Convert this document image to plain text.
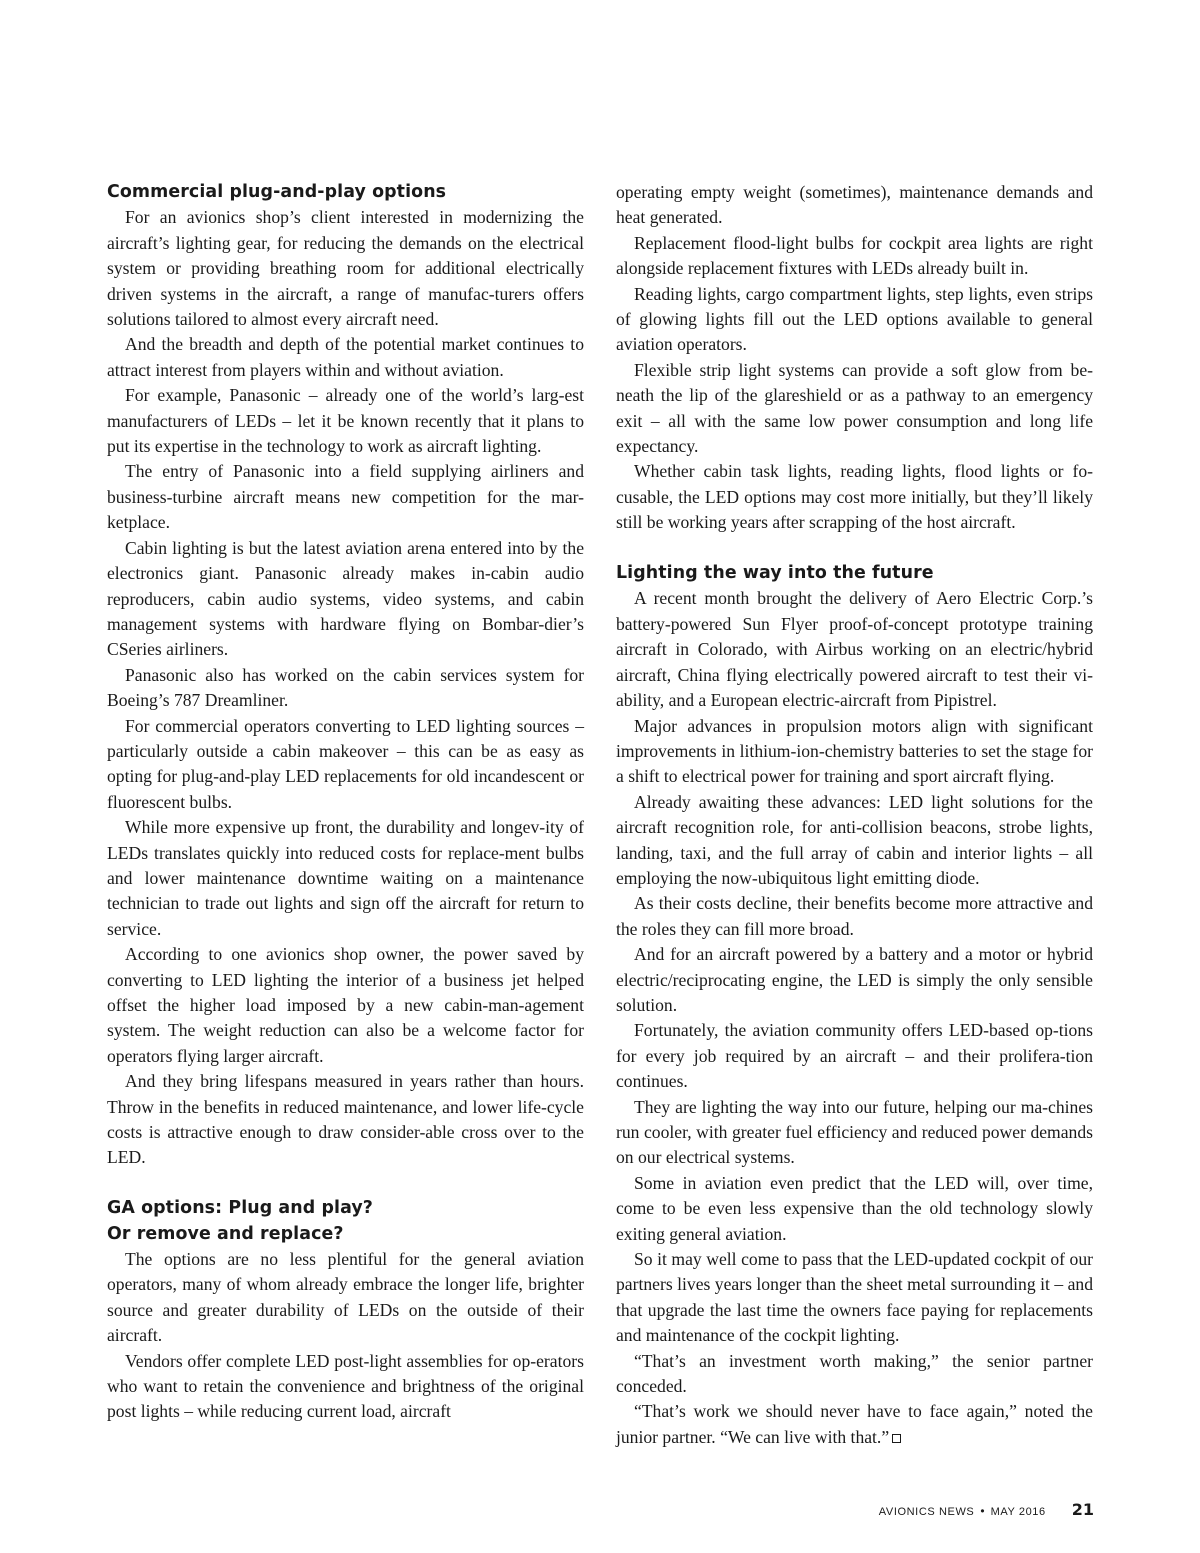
Commercial plug-and-play options

For an avionics shop’s client interested in modernizing the aircraft’s lighting gear, for reducing the demands on the electrical system or providing breathing room for additional electrically driven systems in the aircraft, a range of manufac-turers offers solutions tailored to almost every aircraft need.

And the breadth and depth of the potential market continues to attract interest from players within and without aviation.

For example, Panasonic – already one of the world’s larg-est manufacturers of LEDs – let it be known recently that it plans to put its expertise in the technology to work as aircraft lighting.

The entry of Panasonic into a field supplying airliners and business-turbine aircraft means new competition for the mar-ketplace.

Cabin lighting is but the latest aviation arena entered into by the electronics giant. Panasonic already makes in-cabin audio reproducers, cabin audio systems, video systems, and cabin management systems with hardware flying on Bombar-dier’s CSeries airliners.

Panasonic also has worked on the cabin services system for Boeing’s 787 Dreamliner.

For commercial operators converting to LED lighting sources – particularly outside a cabin makeover – this can be as easy as opting for plug-and-play LED replacements for old incandescent or fluorescent bulbs.

While more expensive up front, the durability and longev-ity of LEDs translates quickly into reduced costs for replace-ment bulbs and lower maintenance downtime waiting on a maintenance technician to trade out lights and sign off the aircraft for return to service.

According to one avionics shop owner, the power saved by converting to LED lighting the interior of a business jet helped offset the higher load imposed by a new cabin-man-agement system. The weight reduction can also be a welcome factor for operators flying larger aircraft.

And they bring lifespans measured in years rather than hours. Throw in the benefits in reduced maintenance, and lower life-cycle costs is attractive enough to draw consider-able cross over to the LED.

GA options: Plug and play?
Or remove and replace?

The options are no less plentiful for the general aviation operators, many of whom already embrace the longer life, brighter source and greater durability of LEDs on the outside of their aircraft.

Vendors offer complete LED post-light assemblies for op-erators who want to retain the convenience and brightness of the original post lights – while reducing current load, aircraft

operating empty weight (sometimes), maintenance demands and heat generated.

Replacement flood-light bulbs for cockpit area lights are right alongside replacement fixtures with LEDs already built in.

Reading lights, cargo compartment lights, step lights, even strips of glowing lights fill out the LED options available to general aviation operators.

Flexible strip light systems can provide a soft glow from be-neath the lip of the glareshield or as a pathway to an emergency exit – all with the same low power consumption and long life expectancy.

Whether cabin task lights, reading lights, flood lights or fo-cusable, the LED options may cost more initially, but they’ll likely still be working years after scrapping of the host aircraft.

Lighting the way into the future

A recent month brought the delivery of Aero Electric Corp.’s battery-powered Sun Flyer proof-of-concept prototype training aircraft in Colorado, with Airbus working on an electric/hybrid aircraft, China flying electrically powered aircraft to test their vi-ability, and a European electric-aircraft from Pipistrel.

Major advances in propulsion motors align with significant improvements in lithium-ion-chemistry batteries to set the stage for a shift to electrical power for training and sport aircraft flying.

Already awaiting these advances: LED light solutions for the aircraft recognition role, for anti-collision beacons, strobe lights, landing, taxi, and the full array of cabin and interior lights – all employing the now-ubiquitous light emitting diode.

As their costs decline, their benefits become more attractive and the roles they can fill more broad.

And for an aircraft powered by a battery and a motor or hybrid electric/reciprocating engine, the LED is simply the only sensible solution.

Fortunately, the aviation community offers LED-based op-tions for every job required by an aircraft – and their prolifera-tion continues.

They are lighting the way into our future, helping our ma-chines run cooler, with greater fuel efficiency and reduced power demands on our electrical systems.

Some in aviation even predict that the LED will, over time, come to be even less expensive than the old technology slowly exiting general aviation.

So it may well come to pass that the LED-updated cockpit of our partners lives years longer than the sheet metal surrounding it – and that upgrade the last time the owners face paying for replacements and maintenance of the cockpit lighting.

“That’s an investment worth making,” the senior partner conceded.

“That’s work we should never have to face again,” noted the junior partner. “We can live with that.”

AVIONICS NEWS • MAY 2016 21
